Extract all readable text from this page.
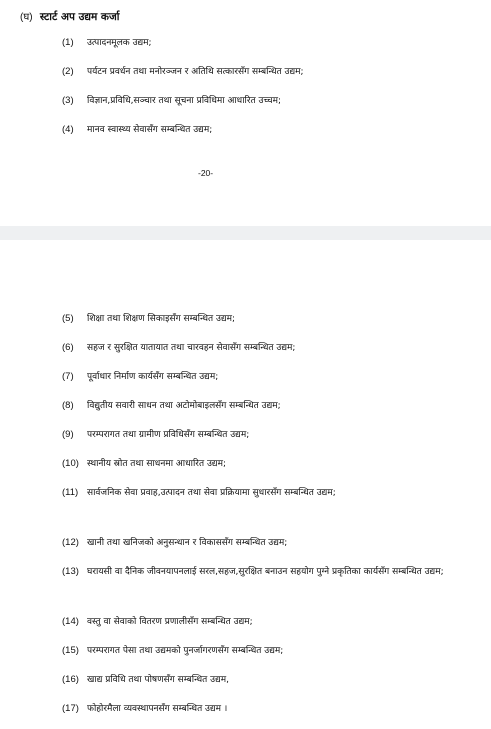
(घ) स्टार्ट अप उद्यम कर्जा
(1) उत्पादनमूलक उद्यम;
(2) पर्यटन प्रवर्धन तथा मनोरञ्जन र अतिथि सत्कारसँग सम्बन्धित उद्यम;
(3) विज्ञान,प्रविधि,सञ्चार तथा सूचना प्रविधिमा आधारित उच्चम;
(4) मानव स्वास्थ्य सेवासँग सम्बन्धित उद्यम;
-20-
(5) शिक्षा तथा शिक्षण सिकाइसँग सम्बन्धित उद्यम;
(6) सहज र सुरक्षित यातायात तथा चारवहन सेवासँग सम्बन्धित उद्यम;
(7) पूर्वाधार निर्माण कार्यसँग सम्बन्धित उद्यम;
(8) विद्युतीय सवारी साधन तथा अटोमोबाइलसँग सम्बन्धित उद्यम;
(9) परम्परागत तथा ग्रामीण प्रविधिसँग सम्बन्धित उद्यम;
(10) स्थानीय स्रोत तथा साधनमा आधारित उद्यम;
(11) सार्वजनिक सेवा प्रवाह,उत्पादन तथा सेवा प्रक्रियामा सुधारसँग सम्बन्धित उद्यम;
(12) खानी तथा खनिजको अनुसन्धान र विकाससँग सम्बन्धित उद्यम;
(13) घरायसी वा दैनिक जीवनयापनलाई सरल,सहज,सुरक्षित बनाउन सहयोग पुग्ने प्रकृतिका कार्यसँग सम्बन्धित उद्यम;
(14) वस्तु वा सेवाको वितरण प्रणालीसँग सम्बन्धित उद्यम;
(15) परम्परागत पेसा तथा उद्यमको पुनर्जागरणसँग सम्बन्धित उद्यम;
(16) खाद्य प्रविधि तथा पोषणसँग सम्बन्धित उद्यम,
(17) फोहोरमैला व्यवस्थापनसँग सम्बन्धित उद्यम ।
